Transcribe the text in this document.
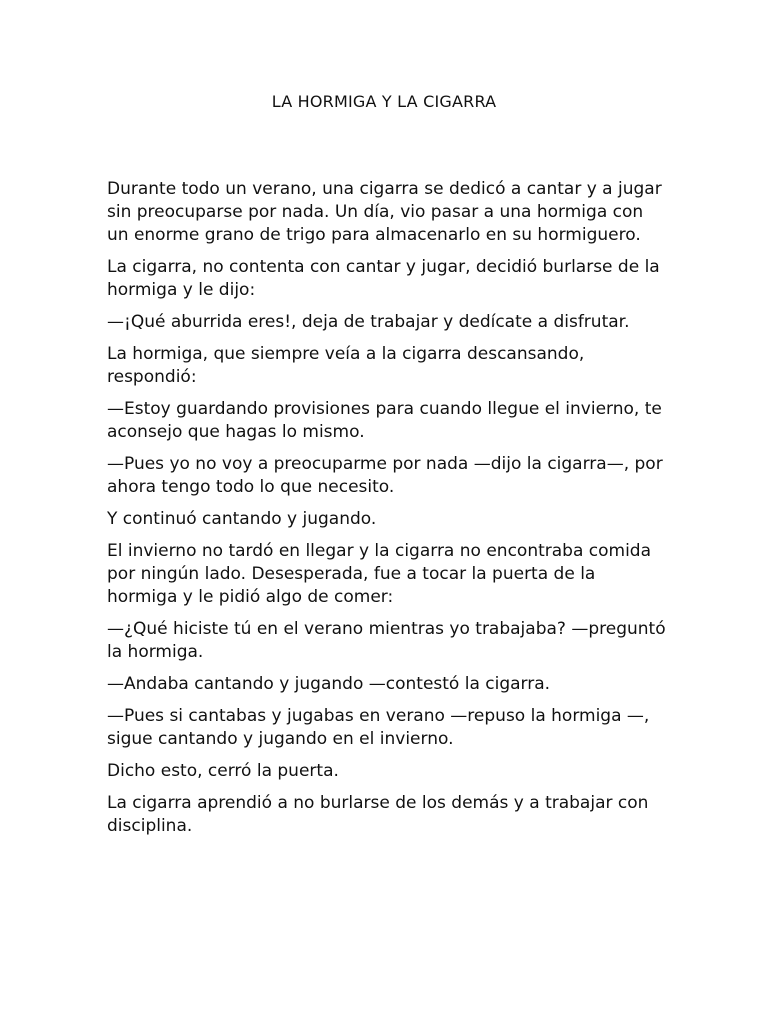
LA HORMIGA Y LA CIGARRA

Durante todo un verano, una cigarra se dedicó a cantar y a jugar sin preocuparse por nada. Un día, vio pasar a una hormiga con un enorme grano de trigo para almacenarlo en su hormiguero.

La cigarra, no contenta con cantar y jugar, decidió burlarse de la hormiga y le dijo:

—¡Qué aburrida eres!, deja de trabajar y dedícate a disfrutar.

La hormiga, que siempre veía a la cigarra descansando, respondió:

—Estoy guardando provisiones para cuando llegue el invierno, te aconsejo que hagas lo mismo.

—Pues yo no voy a preocuparme por nada —dijo la cigarra—, por ahora tengo todo lo que necesito.

Y continuó cantando y jugando.

El invierno no tardó en llegar y la cigarra no encontraba comida por ningún lado. Desesperada, fue a tocar la puerta de la hormiga y le pidió algo de comer:

—¿Qué hiciste tú en el verano mientras yo trabajaba? —preguntó la hormiga.

—Andaba cantando y jugando —contestó la cigarra.

—Pues si cantabas y jugabas en verano —repuso la hormiga —, sigue cantando y jugando en el invierno.

Dicho esto, cerró la puerta.

La cigarra aprendió a no burlarse de los demás y a trabajar con disciplina.
